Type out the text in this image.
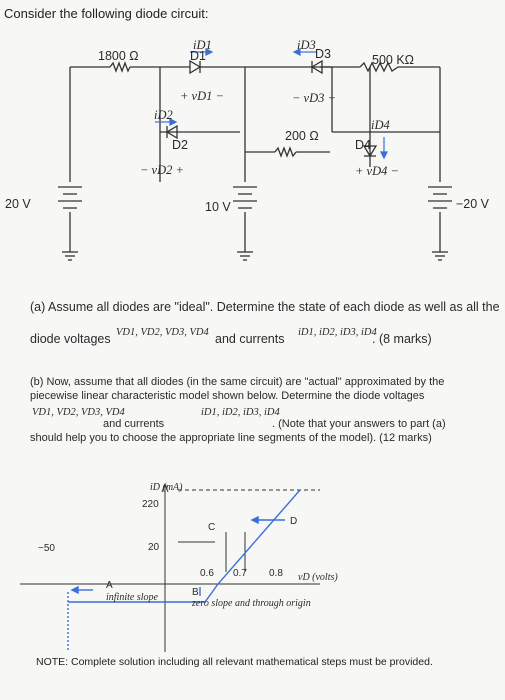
Consider the following diode circuit:
1800 Ω	500 KΩ
200 Ω
D1	D3
D2	D4
iD1	iD3
iD2
iD4
+ vD1 −	− vD3 +
− vD2 +	+ vD4 −
20 V	10 V	−20 V
(a) Assume all diodes are "ideal". Determine the state of each diode as well as all the
diode voltages VD1, VD2, VD3, VD4 and currents iD1, iD2, iD3, iD4
. (8 marks)
(b) Now, assume that all diodes (in the same circuit) are "actual" approximated by the
piecewise linear characteristic model shown below. Determine the diode voltages
VD1, VD2, VD3, VD4
and currents
iD1, iD2, iD3, iD4
. (Note that your answers to part (a)
should help you to choose the appropriate line segments of the model). (12 marks)
iD (mA)
220
20
−50
0.6 0.7 0.8 vD (volts)
C
D
A
infinite slope	B
zero slope and through origin
NOTE: Complete solution including all relevant mathematical steps must be provided.
